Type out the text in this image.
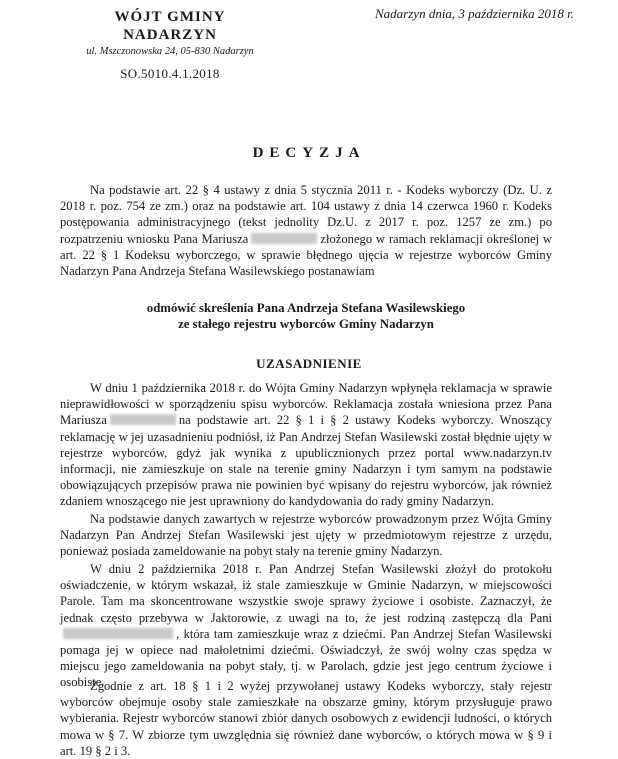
Nadarzyn dnia, 3 października 2018 r.
WÓJT GMINY
NADARZYN
ul. Mszczonowska 24, 05-830 Nadarzyn
SO.5010.4.1.2018
DECYZJA

Na podstawie art. 22 § 4 ustawy z dnia 5 stycznia 2011 r. - Kodeks wyborczy (Dz. U. z 2018 r. poz. 754 ze zm.) oraz na podstawie art. 104 ustawy z dnia 14 czerwca 1960 r. Kodeks postępowania administracyjnego (tekst jednolity Dz.U. z 2017 r. poz. 1257 ze zm.) po rozpatrzeniu wniosku Pana Mariusza	złożonego w ramach reklamacji określonej w art. 22 § 1 Kodeksu wyborczego, w sprawie błędnego ujęcia w rejestrze wyborców Gminy Nadarzyn Pana Andrzeja Stefana Wasilewskiego postanawiam

odmówić skreślenia Pana Andrzeja Stefana Wasilewskiego
ze stałego rejestru wyborców Gminy Nadarzyn
UZASADNIENIE

W dniu 1 października 2018 r. do Wójta Gminy Nadarzyn wpłynęła reklamacja w sprawie nieprawidłowości w sporządzeniu spisu wyborców. Reklamacja została wniesiona przez Pana Mariusza	na podstawie art. 22 § 1 i § 2 ustawy Kodeks wyborczy. Wnoszący reklamację w jej uzasadnieniu podniósł, iż Pan Andrzej Stefan Wasilewski został błędnie ujęty w rejestrze wyborców, gdyż jak wynika z upublicznionych przez portal www.nadarzyn.tv informacji, nie zamieszkuje on stale na terenie gminy Nadarzyn i tym samym na podstawie obowiązujących przepisów prawa nie powinien być wpisany do rejestru wyborców, jak również zdaniem wnoszącego nie jest uprawniony do kandydowania do rady gminy Nadarzyn.

Na podstawie danych zawartych w rejestrze wyborców prowadzonym przez Wójta Gminy Nadarzyn Pan Andrzej Stefan Wasilewski jest ujęty w przedmiotowym rejestrze z urzędu, ponieważ posiada zameldowanie na pobyt stały na terenie gminy Nadarzyn.

W dniu 2 października 2018 r. Pan Andrzej Stefan Wasilewski złożył do protokołu oświadczenie, w którym wskazał, iż stale zamieszkuje w Gminie Nadarzyn, w miejscowości Parole. Tam ma skoncentrowane wszystkie swoje sprawy życiowe i osobiste. Zaznaczył, że jednak często przebywa w Jaktorowie, z uwagi na to, że jest rodziną zastępczą dla Pani, która tam zamieszkuje wraz z dziećmi. Pan Andrzej Stefan Wasilewski pomaga jej w opiece nad małoletnimi dziećmi. Oświadczył, że swój wolny czas spędza w miejscu jego zameldowania na pobyt stały, tj. w Parolach, gdzie jest jego centrum życiowe i osobiste.

Zgodnie z art. 18 § 1 i 2 wyżej przywołanej ustawy Kodeks wyborczy, stały rejestr wyborców obejmuje osoby stale zamieszkałe na obszarze gminy, którym przysługuje prawo wybierania. Rejestr wyborców stanowi zbiór danych osobowych z ewidencji ludności, o których mowa w § 7. W zbiorze tym uwzględnia się również dane wyborców, o których mowa w § 9 i art. 19 § 2 i 3.
